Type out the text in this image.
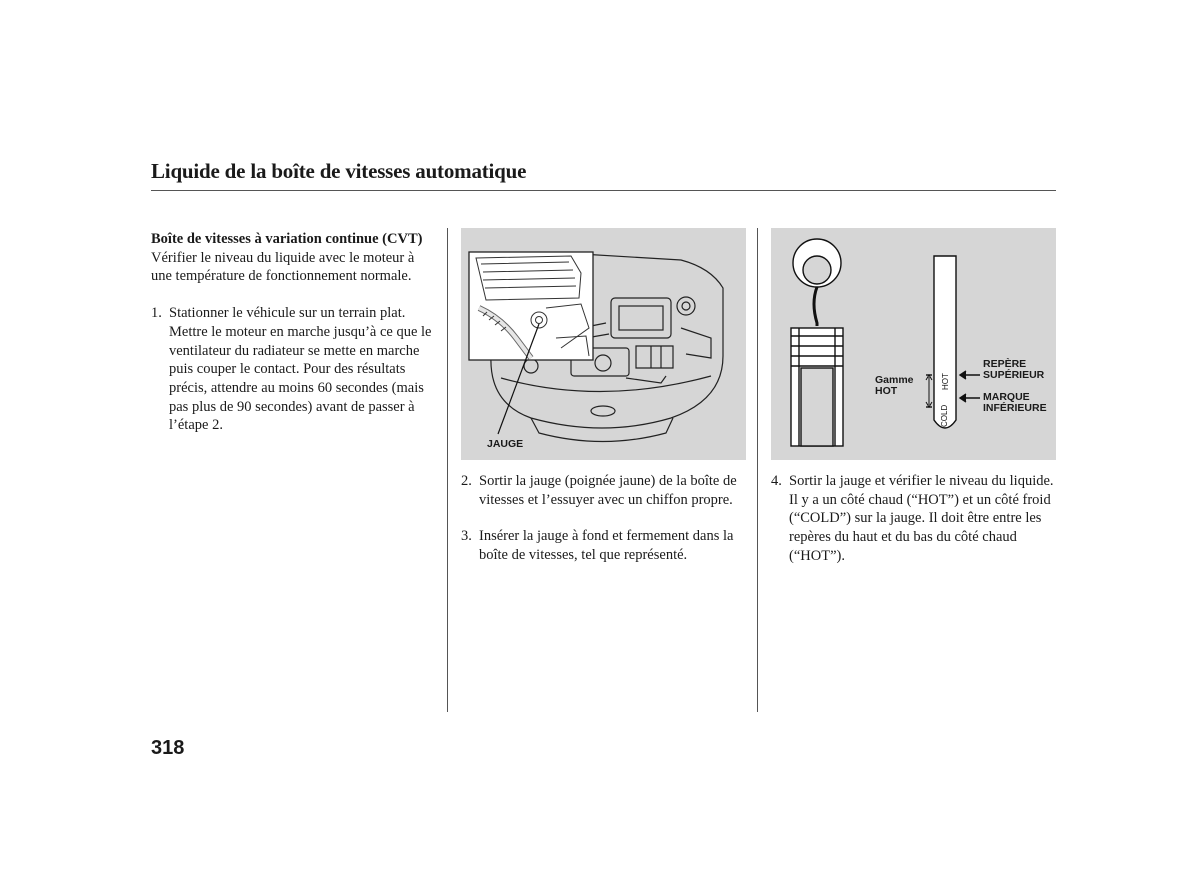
Liquide de la boîte de vitesses automatique

Boîte de vitesses à variation continue (CVT)

Vérifier le niveau du liquide avec le moteur à une température de fonctionnement normale.

1. Stationner le véhicule sur un terrain plat. Mettre le moteur en marche jusqu’à ce que le ventilateur du radiateur se mette en marche puis couper le contact. Pour des résultats précis, attendre au moins 60 secondes (mais pas plus de 90 secondes) avant de passer à l’étape 2.
JAUGE
2. Sortir la jauge (poignée jaune) de la boîte de vitesses et l’essuyer avec un chiffon propre.
3. Insérer la jauge à fond et fermement dans la boîte de vitesses, tel que représenté.
HOT
COLD
Gamme HOT
REPÈRE SUPÉRIEUR
MARQUE INFÉRIEURE
4. Sortir la jauge et vérifier le niveau du liquide. Il y a un côté chaud (“HOT”) et un côté froid (“COLD”) sur la jauge. Il doit être entre les repères du haut et du bas du côté chaud (“HOT”).
318
